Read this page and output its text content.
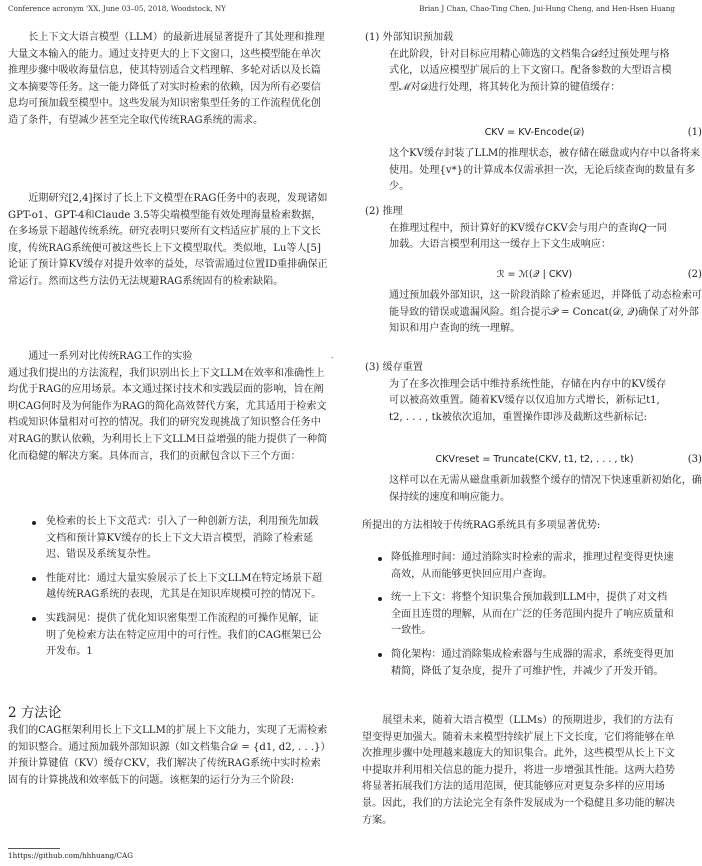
Conference acronym 'XX, June 03–05, 2018, Woodstock, NY	Brian J Chan, Chao-Ting Chen, Jui-Hung Cheng, and Hen-Hsen Huang

长上下文大语言模型（LLM）的最新进展显著提升了其处理和推理大量文本输入的能力。通过支持更大的上下文窗口，这些模型能在单次推理步骤中吸收海量信息，使其特别适合文档理解、多轮对话以及长篇文本摘要等任务。这一能力降低了对实时检索的依赖，因为所有必要信息均可预加载至模型中。这些发展为知识密集型任务的工作流程优化创造了条件，有望减少甚至完全取代传统RAG系统的需求。

近期研究[2,4]探讨了长上下文模型在RAG任务中的表现，发现诸如GPT-o1、GPT-4和Claude 3.5等尖端模型能有效处理海量检索数据，在多场景下超越传统系统。研究表明只要所有文档适应扩展的上下文长度，传统RAG系统便可被这些长上下文模型取代。类似地，Lu等人[5]论证了预计算KV缓存对提升效率的益处，尽管需通过位置ID重排确保正常运行。然而这些方法仍无法规避RAG系统固有的检索缺陷。

通过一系列对比传统RAG工作的实验

通过我们提出的方法流程，我们识别出长上下文LLM在效率和准确性上均优于RAG的应用场景。本文通过探讨技术和实践层面的影响，旨在阐明CAG何时及为何能作为RAG的简化高效替代方案，尤其适用于检索文档或知识体量相对可控的情况。我们的研究发现挑战了知识整合任务中对RAG的默认依赖，为利用长上下文LLM日益增强的能力提供了一种简化而稳健的解决方案。具体而言，我们的贡献包含以下三个方面：

免检索的长上下文范式：引入了一种创新方法，利用预先加载文档和预计算KV缓存的长上下文大语言模型，消除了检索延迟、错误及系统复杂性。
性能对比：通过大量实验展示了长上下文LLM在特定场景下超越传统RAG系统的表现，尤其是在知识库规模可控的情况下。
实践洞见：提供了优化知识密集型工作流程的可操作见解，证明了免检索方法在特定应用中的可行性。我们的CAG框架已公开发布。1
2 方法论

我们的CAG框架利用长上下文LLM的扩展上下文能力，实现了无需检索的知识整合。通过预加载外部知识源（如文档集合𝒟 = {d1, d2, . . .}）并预计算键值（KV）缓存CKV，我们解决了传统RAG系统中实时检索固有的计算挑战和效率低下的问题。该框架的运行分为三个阶段:

-
1https://github.com/hhhuang/CAG

(1) 外部知识预加载

在此阶段，针对目标应用精心筛选的文档集合𝒟经过预处理与格式化，以适应模型扩展后的上下文窗口。配备参数的大型语言模型ℳ对𝒟进行处理，将其转化为预计算的键值缓存：

CKV = KV-Encode(𝒟)	(1)

这个KV缓存封装了LLM的推理状态，被存储在磁盘或内存中以备将来使用。处理{v*}的计算成本仅需承担一次，无论后续查询的数量有多少。

(2) 推理

在推理过程中，预计算好的KV缓存CKV会与用户的查询𝑄一同加载。大语言模型利用这一缓存上下文生成响应：

ℛ = ℳ(𝒬 | CKV)	(2)

通过预加载外部知识，这一阶段消除了检索延迟，并降低了动态检索可能导致的错误或遗漏风险。组合提示𝒫 = Concat(𝒟, 𝒬)确保了对外部知识和用户查询的统一理解。

(3) 缓存重置

为了在多次推理会话中维持系统性能，存储在内存中的KV缓存可以被高效重置。随着KV缓存以仅追加方式增长，新标记t1, t2, . . . , tk被依次追加，重置操作即涉及截断这些新标记:

CKVreset = Truncate(CKV, t1, t2, . . . , tk)	(3)

这样可以在无需从磁盘重新加载整个缓存的情况下快速重新初始化，确保持续的速度和响应能力。

所提出的方法相较于传统RAG系统具有多项显著优势:

降低推理时间：通过消除实时检索的需求，推理过程变得更快速高效，从而能够更快回应用户查询。
统一上下文：将整个知识集合预加载到LLM中，提供了对文档全面且连贯的理解，从而在广泛的任务范围内提升了响应质量和一致性。
简化架构：通过消除集成检索器与生成器的需求，系统变得更加精简，降低了复杂度，提升了可维护性，并减少了开发开销。

展望未来，随着大语言模型（LLMs）的预期进步，我们的方法有望变得更加强大。随着未来模型持续扩展上下文长度，它们将能够在单次推理步骤中处理越来越庞大的知识集合。此外，这些模型从长上下文中提取并利用相关信息的能力提升，将进一步增强其性能。这两大趋势将显著拓展我们方法的适用范围，使其能够应对更复杂多样的应用场景。因此，我们的方法论完全有条件发展成为一个稳健且多功能的解决方案。
